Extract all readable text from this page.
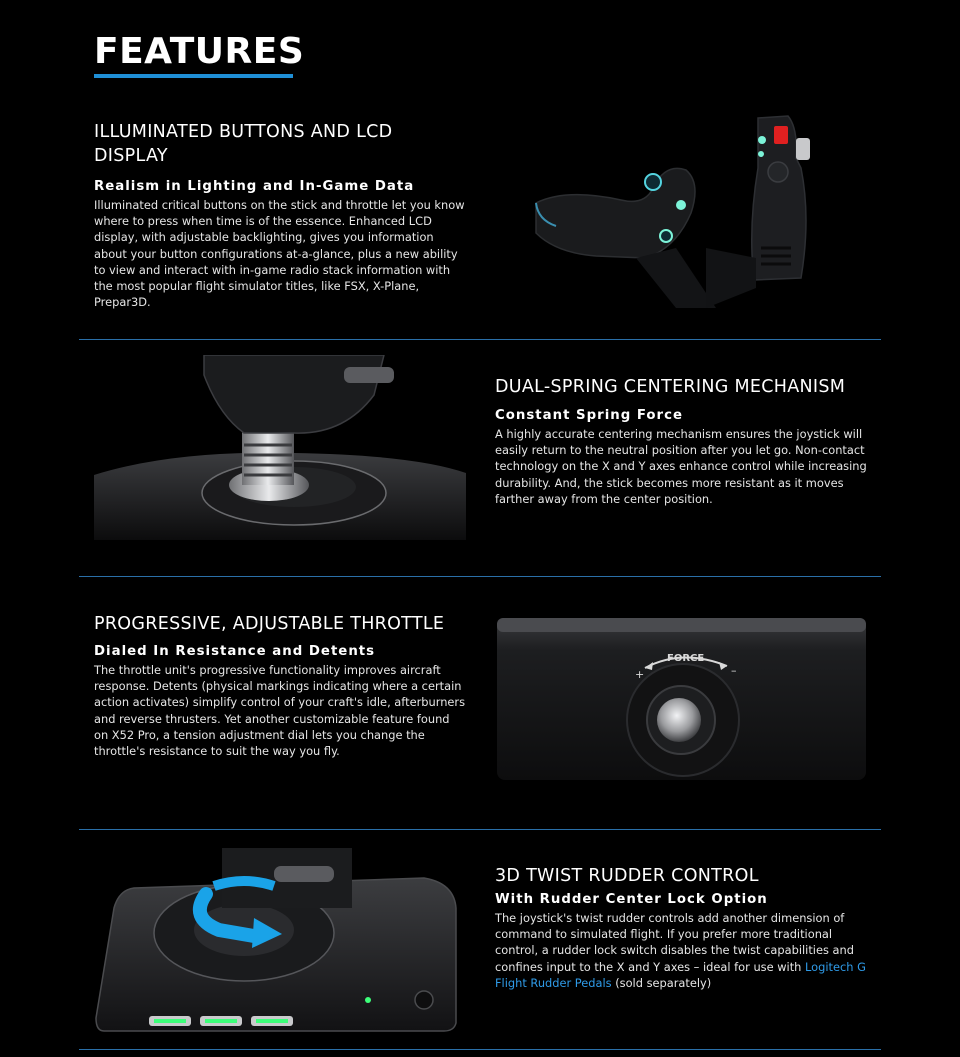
FEATURES
ILLUMINATED BUTTONS AND LCD DISPLAY
Realism in Lighting and In-Game Data

Illuminated critical buttons on the stick and throttle let you know where to press when time is of the essence. Enhanced LCD display, with adjustable backlighting, gives you information about your button configurations at-a-glance, plus a new ability to view and interact with in-game radio stack information with the most popular flight simulator titles, like FSX, X-Plane, Prepar3D.

DUAL-SPRING CENTERING MECHANISM
Constant Spring Force

A highly accurate centering mechanism ensures the joystick will easily return to the neutral position after you let go. Non-contact technology on the X and Y axes enhance control while increasing durability. And, the stick becomes more resistant as it moves farther away from the center position.

PROGRESSIVE, ADJUSTABLE THROTTLE
Dialed In Resistance and Detents

The throttle unit's progressive functionality improves aircraft response. Detents (physical markings indicating where a certain action activates) simplify control of your craft's idle, afterburners and reverse thrusters. Yet another customizable feature found on X52 Pro, a tension adjustment dial lets you change the throttle's resistance to suit the way you fly.

FORCE
–
+
3D TWIST RUDDER CONTROL
With Rudder Center Lock Option

The joystick's twist rudder controls add another dimension of command to simulated flight. If you prefer more traditional control, a rudder lock switch disables the twist capabilities and confines input to the X and Y axes – ideal for use with Logitech G Flight Rudder Pedals (sold separately)
